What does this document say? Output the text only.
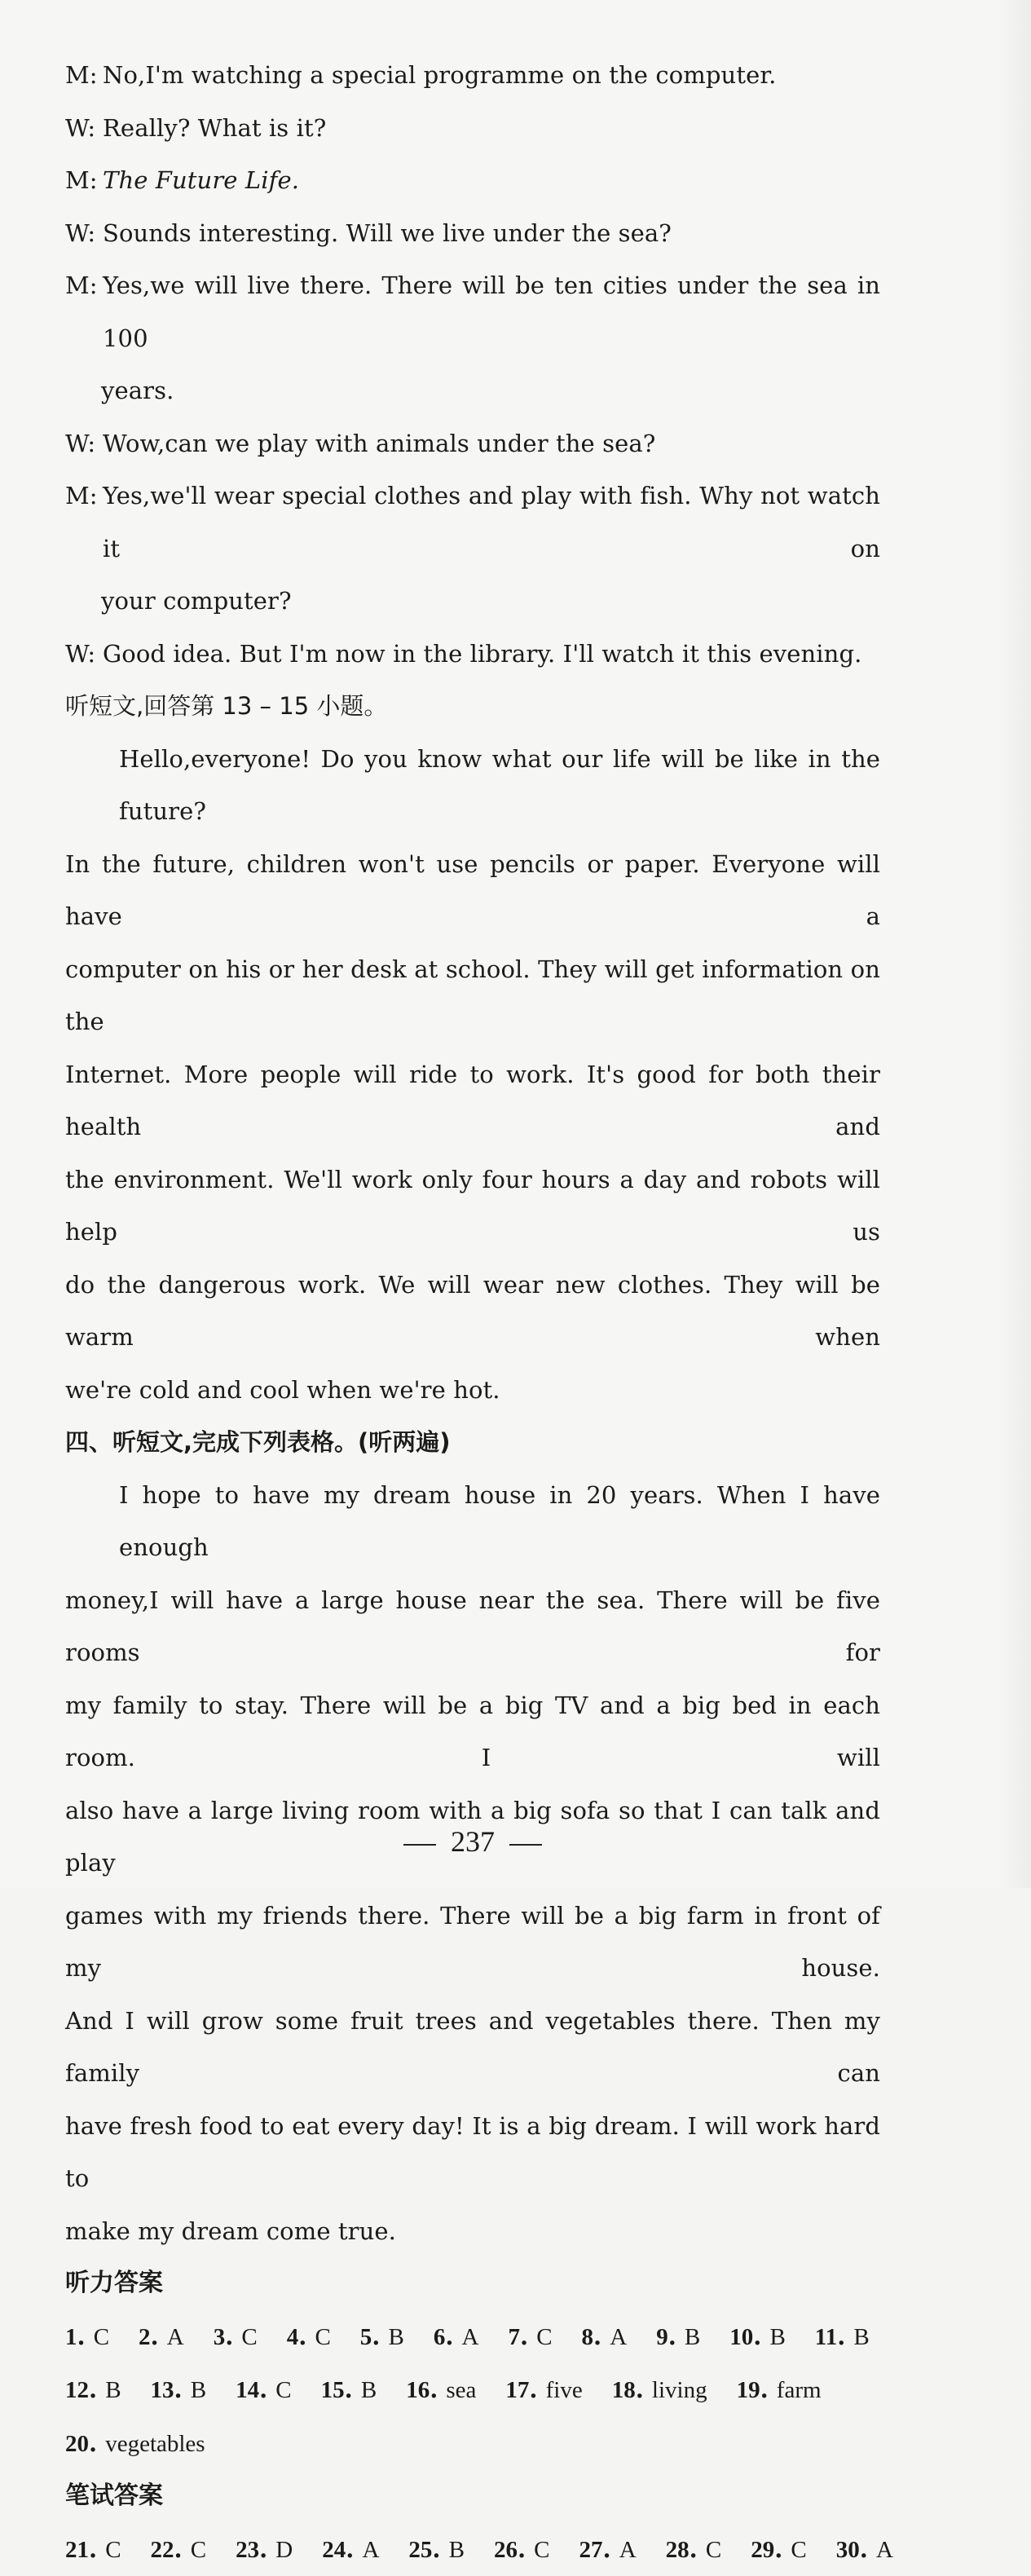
M: No,I'm watching a special programme on the computer.
W: Really? What is it?
M: The Future Life.
W: Sounds interesting. Will we live under the sea?
M: Yes,we will live there. There will be ten cities under the sea in 100
years.
W: Wow,can we play with animals under the sea?
M: Yes,we'll wear special clothes and play with fish. Why not watch it on
your computer?
W: Good idea. But I'm now in the library. I'll watch it this evening.
听短文,回答第 13 – 15 小题。
Hello,everyone! Do you know what our life will be like in the future?
In the future, children won't use pencils or paper. Everyone will have a
computer on his or her desk at school. They will get information on the
Internet. More people will ride to work. It's good for both their health and
the environment. We'll work only four hours a day and robots will help us
do the dangerous work. We will wear new clothes. They will be warm when
we're cold and cool when we're hot.
四、听短文,完成下列表格。(听两遍)
I hope to have my dream house in 20 years. When I have enough
money,I will have a large house near the sea. There will be five rooms for
my family to stay. There will be a big TV and a big bed in each room. I will
also have a large living room with a big sofa so that I can talk and play
games with my friends there. There will be a big farm in front of my house.
And I will grow some fruit trees and vegetables there. Then my family can
have fresh food to eat every day! It is a big dream. I will work hard to
make my dream come true.
听力答案
1. C 2. A 3. C 4. C 5. B 6. A 7. C 8. A 9. B 10. B 11. B
12. B 13. B 14. C 15. B 16. sea 17. five 18. living 19. farm
20. vegetables
笔试答案
21. C 22. C 23. D 24. A 25. B 26. C 27. A 28. C 29. C 30. A
237
